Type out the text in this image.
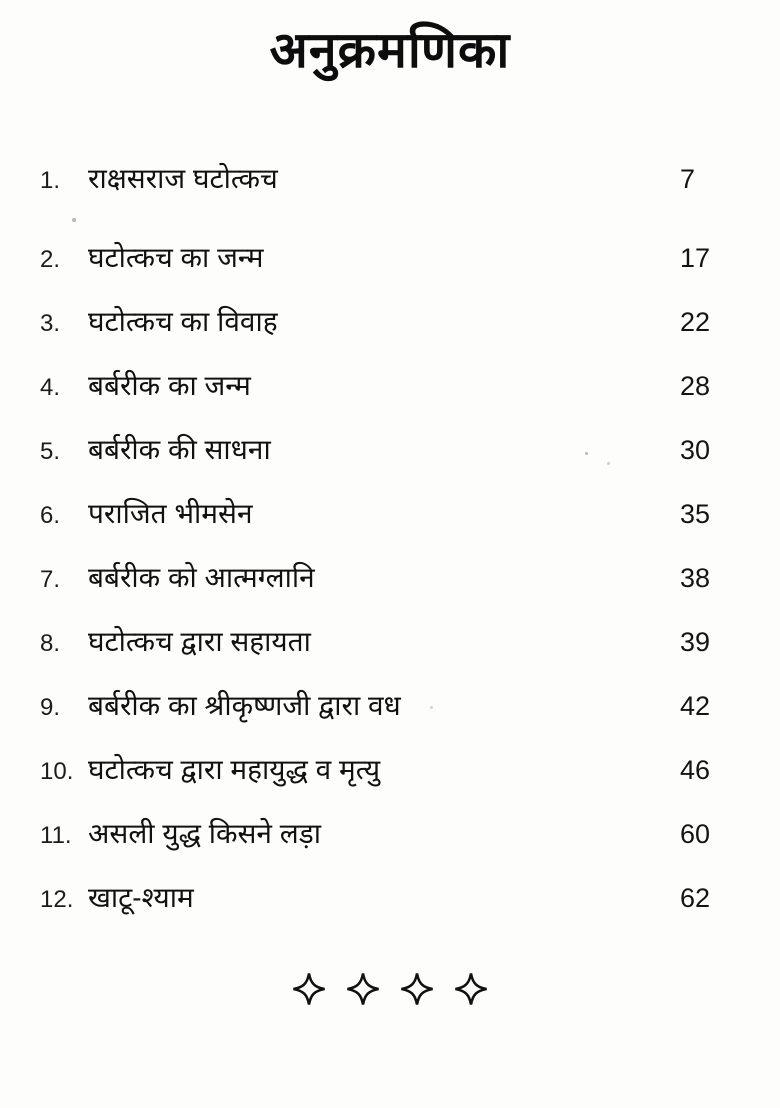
अनुक्रमणिका
1. राक्षसराज घटोत्कच	7
2. घटोत्कच का जन्म	17
3. घटोत्कच का विवाह	22
4. बर्बरीक का जन्म	28
5. बर्बरीक की साधना	30
6. पराजित भीमसेन	35
7. बर्बरीक को आत्मग्लानि	38
8. घटोत्कच द्वारा सहायता	39
9. बर्बरीक का श्रीकृष्णजी द्वारा वध	42
10. घटोत्कच द्वारा महायुद्ध व मृत्यु	46
11. असली युद्ध किसने लड़ा	60
12. खाटू-श्याम	62
